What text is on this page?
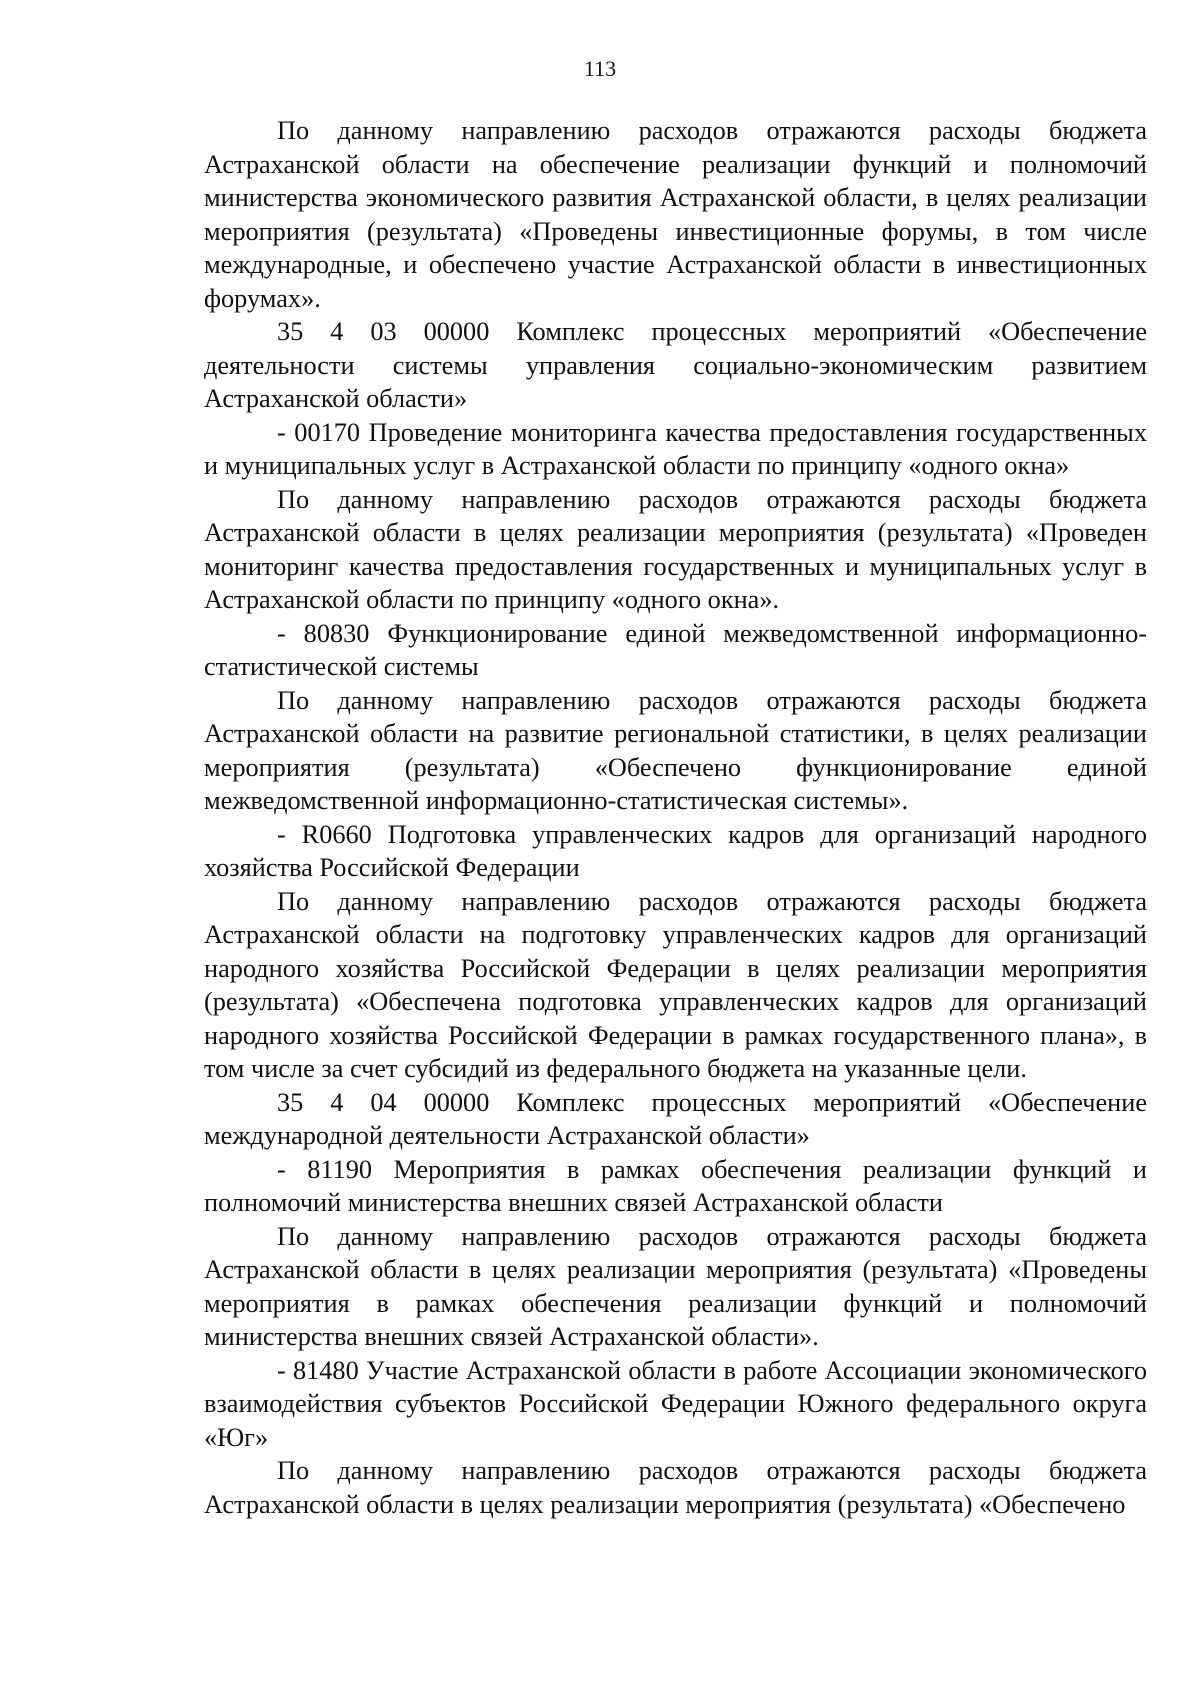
113

По данному направлению расходов отражаются расходы бюджета Астраханской области на обеспечение реализации функций и полномочий министерства экономического развития Астраханской области, в целях реализации мероприятия (результата) «Проведены инвестиционные форумы, в том числе международные, и обеспечено участие Астраханской области в инвестиционных форумах».

35 4 03 00000 Комплекс процессных мероприятий «Обеспечение деятельности системы управления социально-экономическим развитием Астраханской области»

- 00170 Проведение мониторинга качества предоставления государственных и муниципальных услуг в Астраханской области по принципу «одного окна»

По данному направлению расходов отражаются расходы бюджета Астраханской области в целях реализации мероприятия (результата) «Проведен мониторинг качества предоставления государственных и муниципальных услуг в Астраханской области по принципу «одного окна».

- 80830 Функционирование единой межведомственной информационно-статистической системы

По данному направлению расходов отражаются расходы бюджета Астраханской области на развитие региональной статистики, в целях реализации мероприятия (результата) «Обеспечено функционирование единой межведомственной информационно-статистическая системы».

- R0660 Подготовка управленческих кадров для организаций народного хозяйства Российской Федерации

По данному направлению расходов отражаются расходы бюджета Астраханской области на подготовку управленческих кадров для организаций народного хозяйства Российской Федерации в целях реализации мероприятия (результата) «Обеспечена подготовка управленческих кадров для организаций народного хозяйства Российской Федерации в рамках государственного плана», в том числе за счет субсидий из федерального бюджета на указанные цели.

35 4 04 00000 Комплекс процессных мероприятий «Обеспечение международной деятельности Астраханской области»

- 81190 Мероприятия в рамках обеспечения реализации функций и полномочий министерства внешних связей Астраханской области

По данному направлению расходов отражаются расходы бюджета Астраханской области в целях реализации мероприятия (результата) «Проведены мероприятия в рамках обеспечения реализации функций и полномочий министерства внешних связей Астраханской области».

- 81480 Участие Астраханской области в работе Ассоциации экономического взаимодействия субъектов Российской Федерации Южного федерального округа «Юг»

По данному направлению расходов отражаются расходы бюджета Астраханской области в целях реализации мероприятия (результата) «Обеспечено
